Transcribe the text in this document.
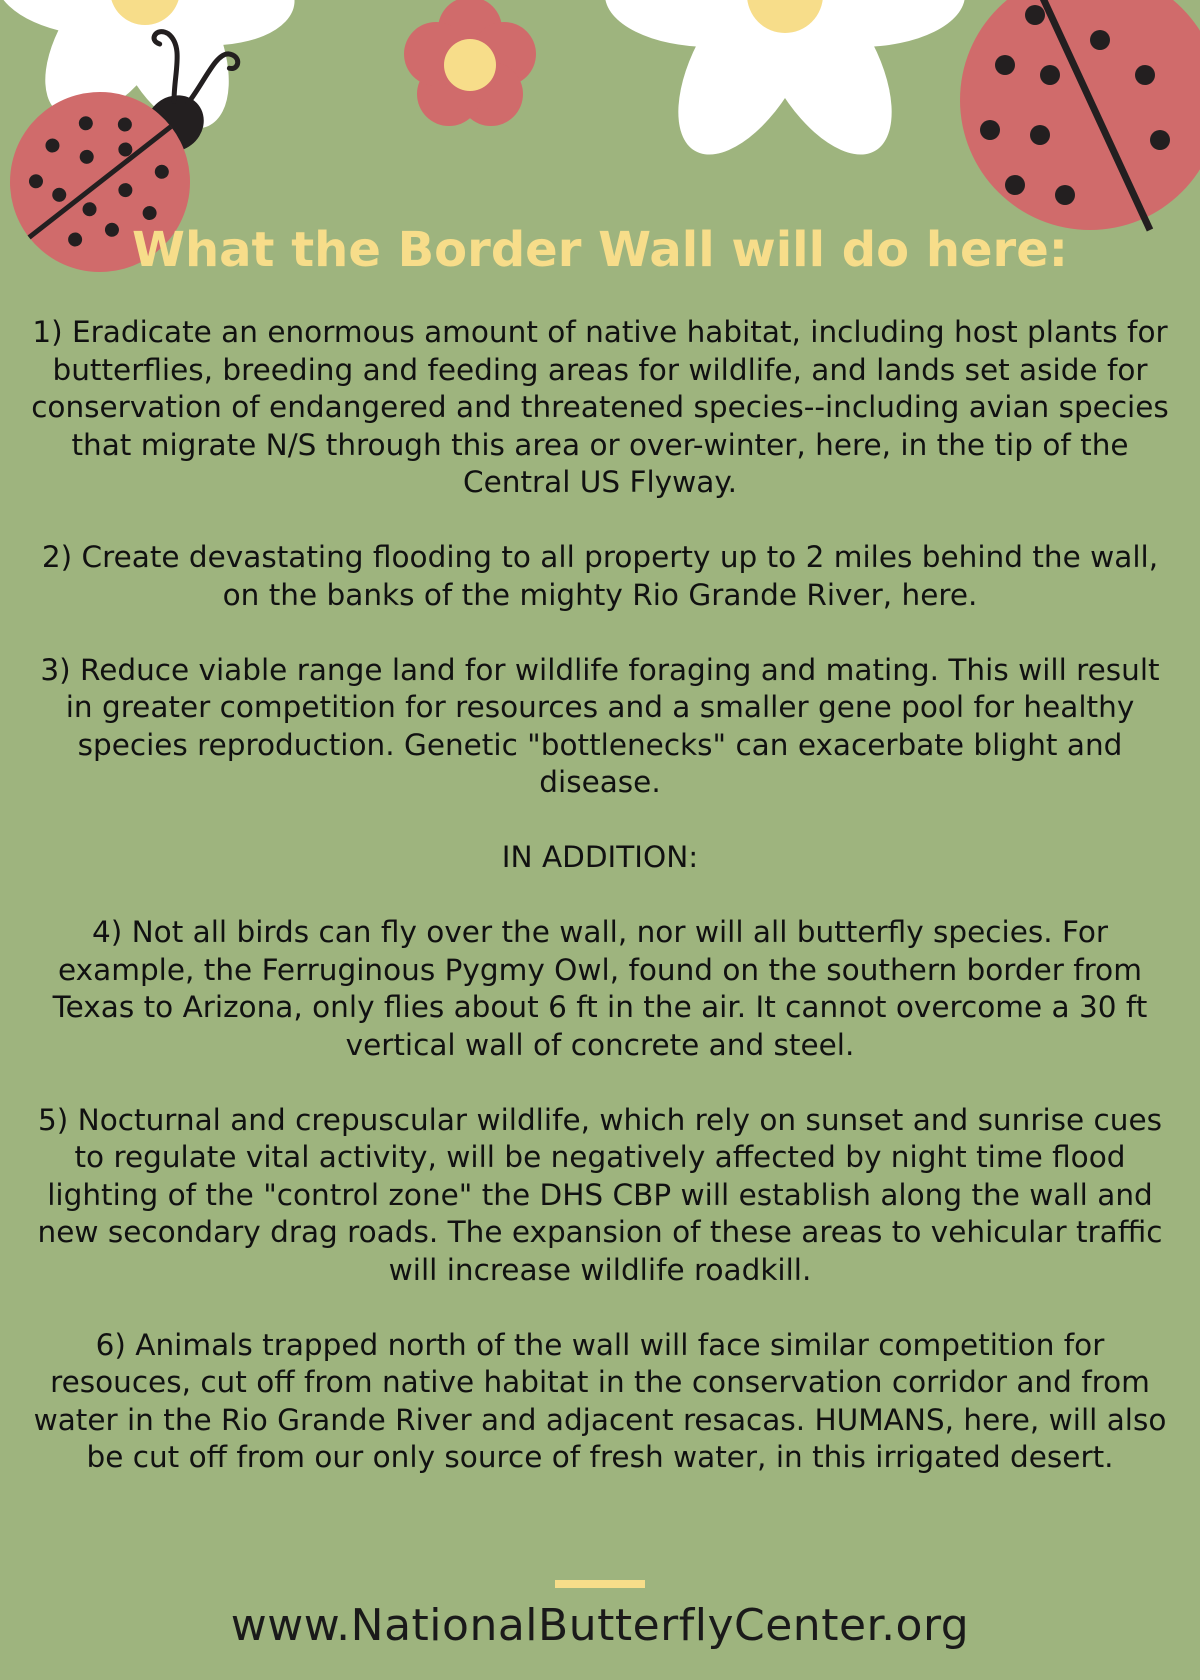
What the Border Wall will do here:

1) Eradicate an enormous amount of native habitat, including host plants for butterflies, breeding and feeding areas for wildlife, and lands set aside for conservation of endangered and threatened species--including avian species that migrate N/S through this area or over-winter, here, in the tip of the Central US Flyway.

2) Create devastating flooding to all property up to 2 miles behind the wall, on the banks of the mighty Rio Grande River, here.

3) Reduce viable range land for wildlife foraging and mating. This will result in greater competition for resources and a smaller gene pool for healthy species reproduction. Genetic "bottlenecks" can exacerbate blight and disease.

IN ADDITION:

4) Not all birds can fly over the wall, nor will all butterfly species. For example, the Ferruginous Pygmy Owl, found on the southern border from Texas to Arizona, only flies about 6 ft in the air. It cannot overcome a 30 ft vertical wall of concrete and steel.

5) Nocturnal and crepuscular wildlife, which rely on sunset and sunrise cues to regulate vital activity, will be negatively affected by night time flood lighting of the "control zone" the DHS CBP will establish along the wall and new secondary drag roads. The expansion of these areas to vehicular traffic will increase wildlife roadkill.

6) Animals trapped north of the wall will face similar competition for resouces, cut off from native habitat in the conservation corridor and from water in the Rio Grande River and adjacent resacas. HUMANS, here, will also be cut off from our only source of fresh water, in this irrigated desert.

www.NationalButterflyCenter.org
